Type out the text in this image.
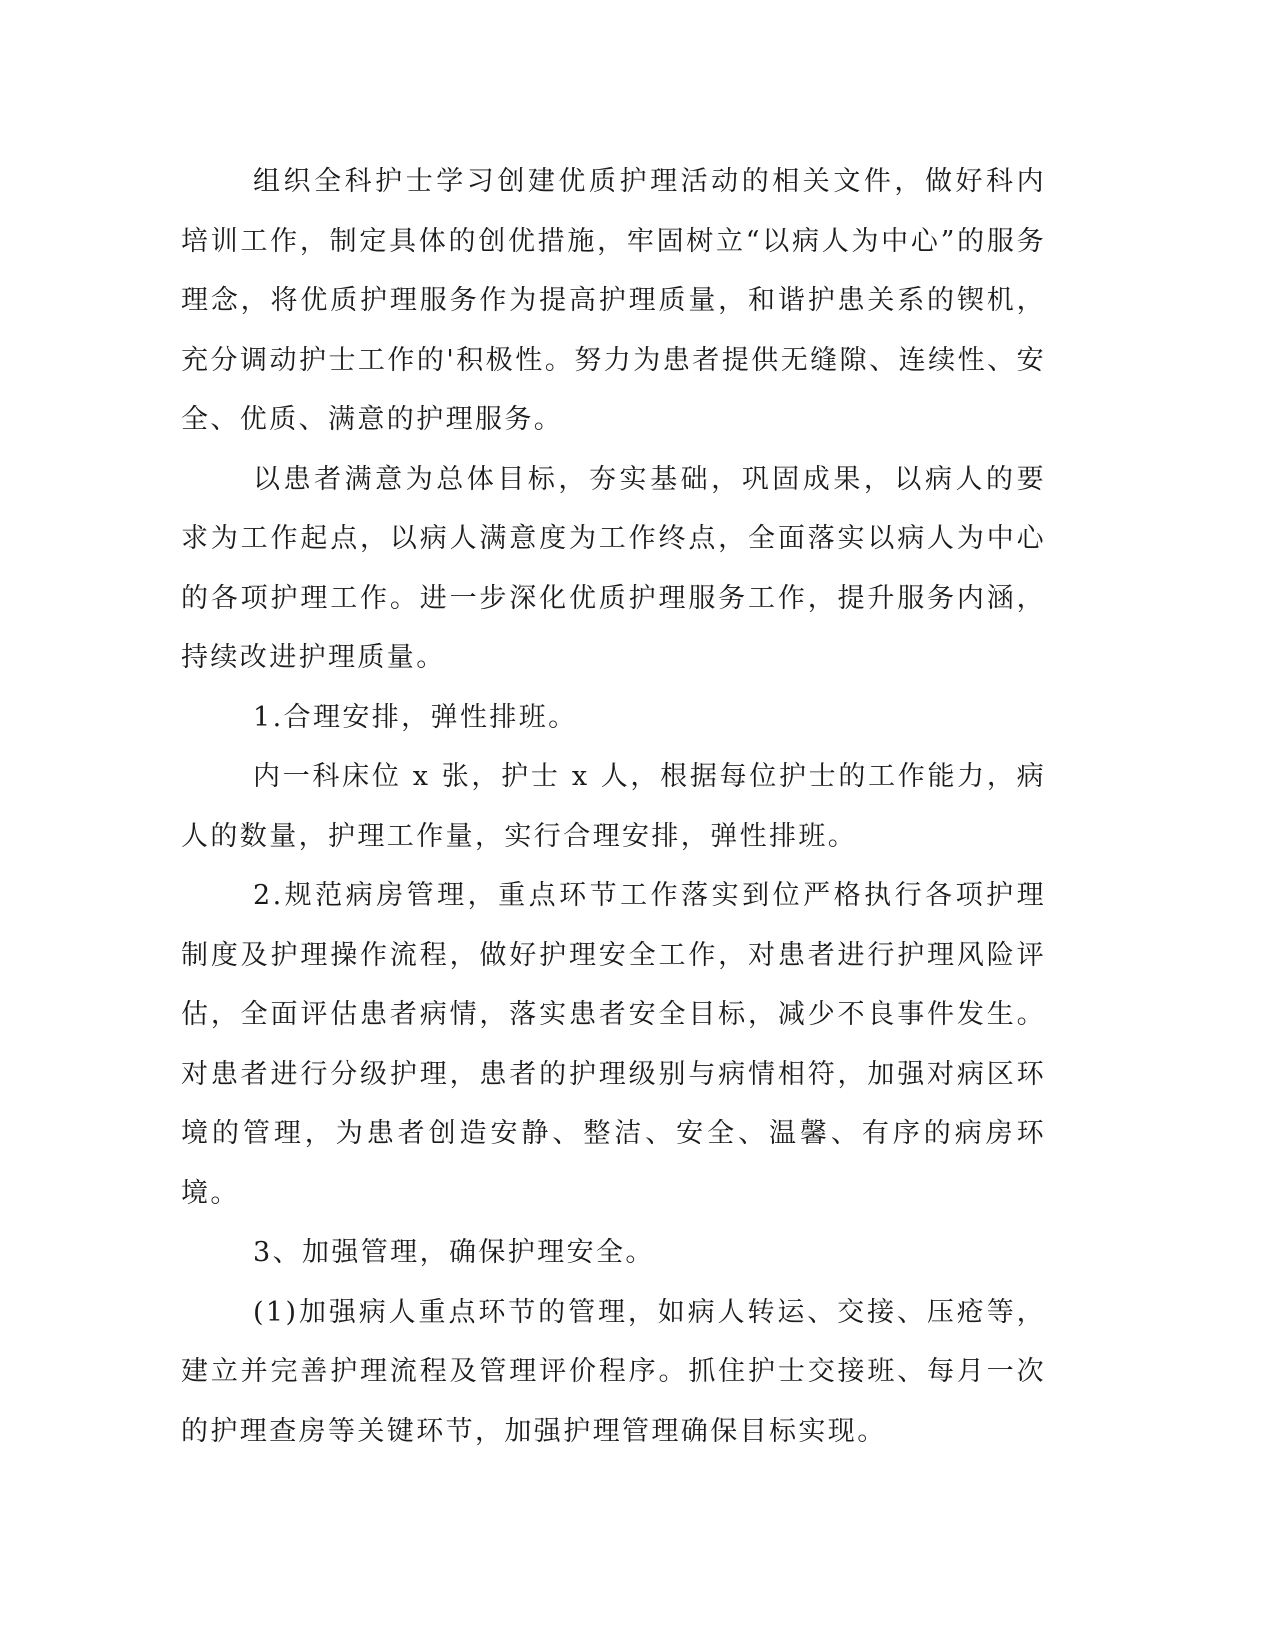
组织全科护士学习创建优质护理活动的相关文件，做好科内培训工作，制定具体的创优措施，牢固树立“以病人为中心”的服务理念，将优质护理服务作为提高护理质量，和谐护患关系的锲机，充分调动护士工作的'积极性。努力为患者提供无缝隙、连续性、安全、优质、满意的护理服务。

以患者满意为总体目标，夯实基础，巩固成果，以病人的要求为工作起点，以病人满意度为工作终点，全面落实以病人为中心的各项护理工作。进一步深化优质护理服务工作，提升服务内涵，持续改进护理质量。

1.合理安排，弹性排班。

内一科床位 x 张，护士 x 人，根据每位护士的工作能力，病人的数量，护理工作量，实行合理安排，弹性排班。

2.规范病房管理，重点环节工作落实到位严格执行各项护理制度及护理操作流程，做好护理安全工作，对患者进行护理风险评估，全面评估患者病情，落实患者安全目标，减少不良事件发生。对患者进行分级护理，患者的护理级别与病情相符，加强对病区环境的管理，为患者创造安静、整洁、安全、温馨、有序的病房环境。

3、加强管理，确保护理安全。

(1)加强病人重点环节的管理，如病人转运、交接、压疮等，建立并完善护理流程及管理评价程序。抓住护士交接班、每月一次的护理查房等关键环节，加强护理管理确保目标实现。
